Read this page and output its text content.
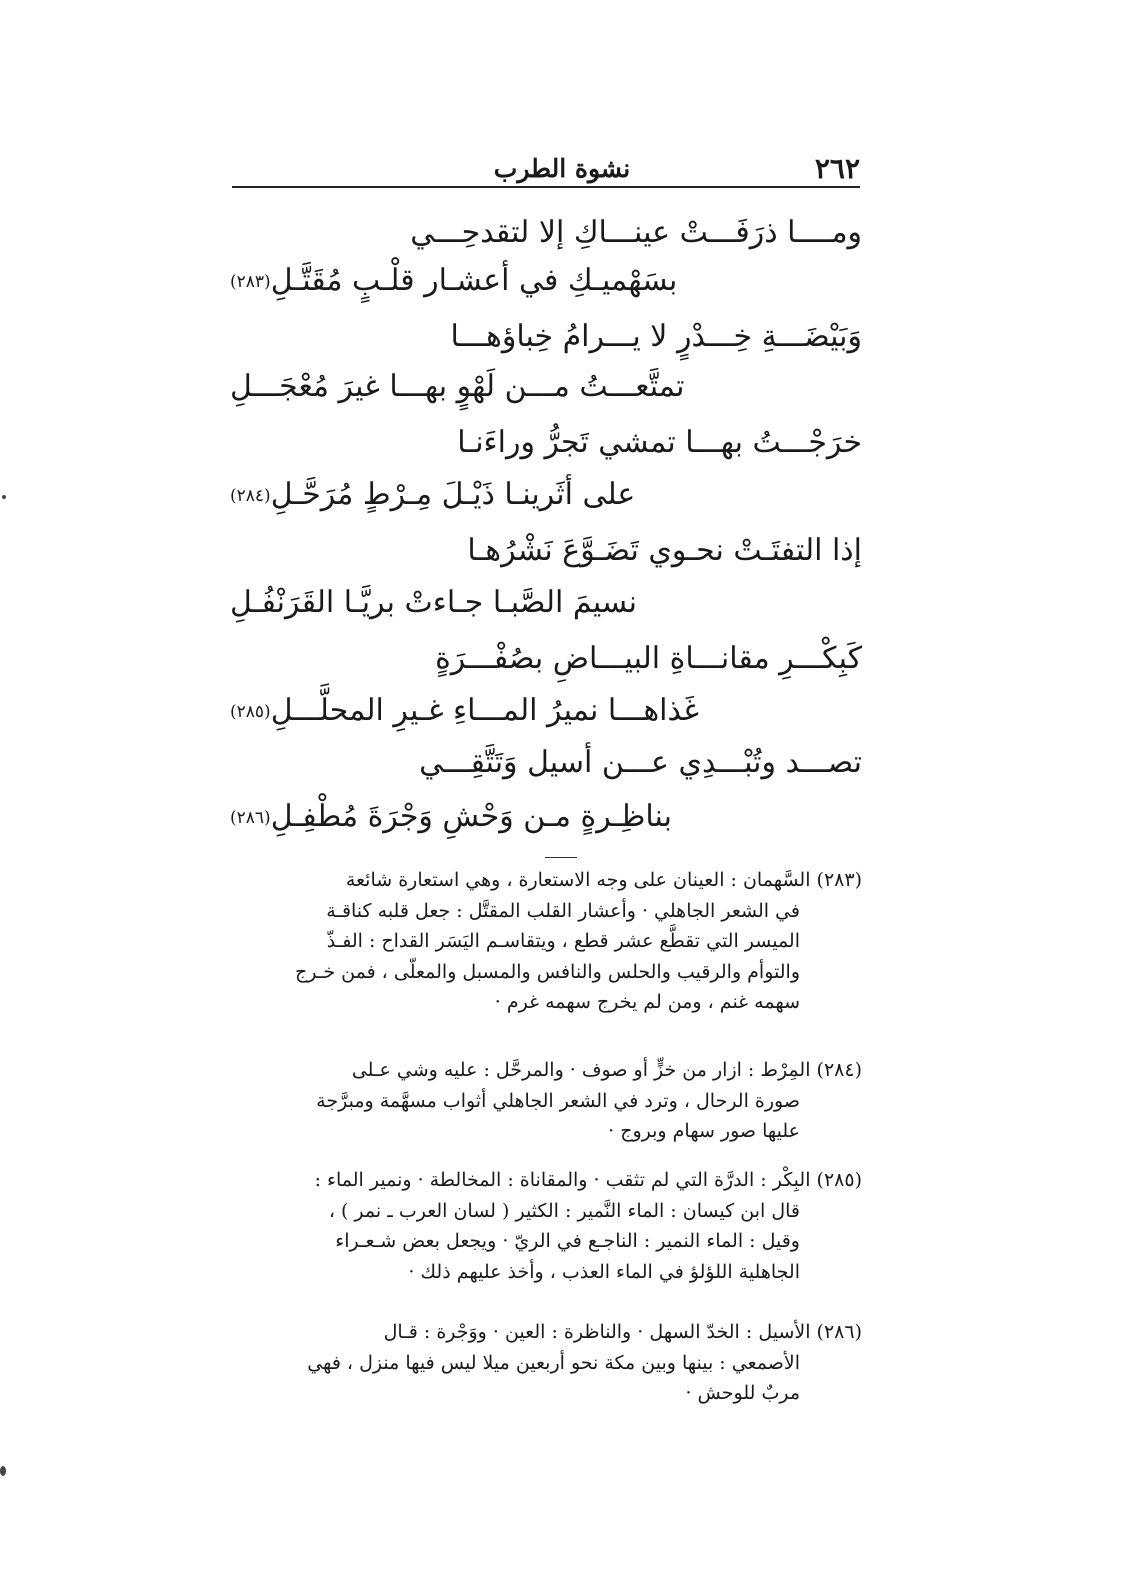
٢٦٢
نشوة الطرب
ومــــا ذرَفَـــتْ عينـــاكِ إلا لتقدحِـــي
بسَهْميـكِ في أعشـار قلْـبٍ مُقَتَّـلِ(٢٨٣)
وَبَيْضَـــةِ خِـــدْرٍ لا يـــرامُ خِباؤهـــا
تمتَّعـــتُ مـــن لَهْوٍ بهـــا غيرَ مُعْجَـــلِ
خرَجْـــتُ بهـــا تمشي تَجرُّ وراءَنـا
على أثَرينـا ذَيْـلَ مِـرْطٍ مُرَحَّـلِ(٢٨٤)
إذا التفتَـتْ نحـوي تَضَـوَّعَ نَشْرُهـا
نسيمَ الصَّبـا جـاءتْ بريَّـا القَرَنْفُـلِ
كَبِكْـــرِ مقانـــاةِ البيـــاضِ بصُفْـــرَةٍ
غَذاهـــا نميرُ المـــاءِ غـيرِ المحلَّـــلِ(٢٨٥)
تصـــد وتُبْـــدِي عـــن أسيل وَتَتَّقِـــي
بناظِـرةٍ مـن وَحْشِ وَجْرَةَ مُطْفِـلِ(٢٨٦)
(٢٨٣) السَّهمان : العينان على وجه الاستعارة ، وهي استعارة شائعة
في الشعر الجاهلي · وأعشار القلب المقتَّل : جعل قلبه كناقـة
الميسر التي تقطَّع عشر قطع ، ويتقاسـم اليَسَر القداح : الفـذّ
والتوأم والرقيب والحلس والنافس والمسبل والمعلّى ، فمن خـرج
سهمه غنم ، ومن لم يخرج سهمه غرم ·
(٢٨٤) المِرْط : ازار من خزٍّ أو صوف · والمرحَّل : عليه وشي عـلى
صورة الرحال ، وترد في الشعر الجاهلي أثواب مسهَّمة ومبرَّجة
عليها صور سهام وبروج ·
(٢٨٥) البِكْر : الدرَّة التي لم تثقب · والمقاناة : المخالطة · ونمير الماء :
قال ابن كيسان : الماء النَّمير : الكثير ( لسان العرب ـ نمر ) ،
وقيل : الماء النمير : الناجـع في الريّ · ويجعل بعض شـعـراء
الجاهلية اللؤلؤ في الماء العذب ، وأخذ عليهم ذلك ·
(٢٨٦) الأسيل : الخدّ السهل · والناظرة : العين · ووَجْرة : قـال
الأصمعي : بينها وبين مكة نحو أربعين ميلا ليس فيها منزل ، فهي
مربٌ للوحش ·
